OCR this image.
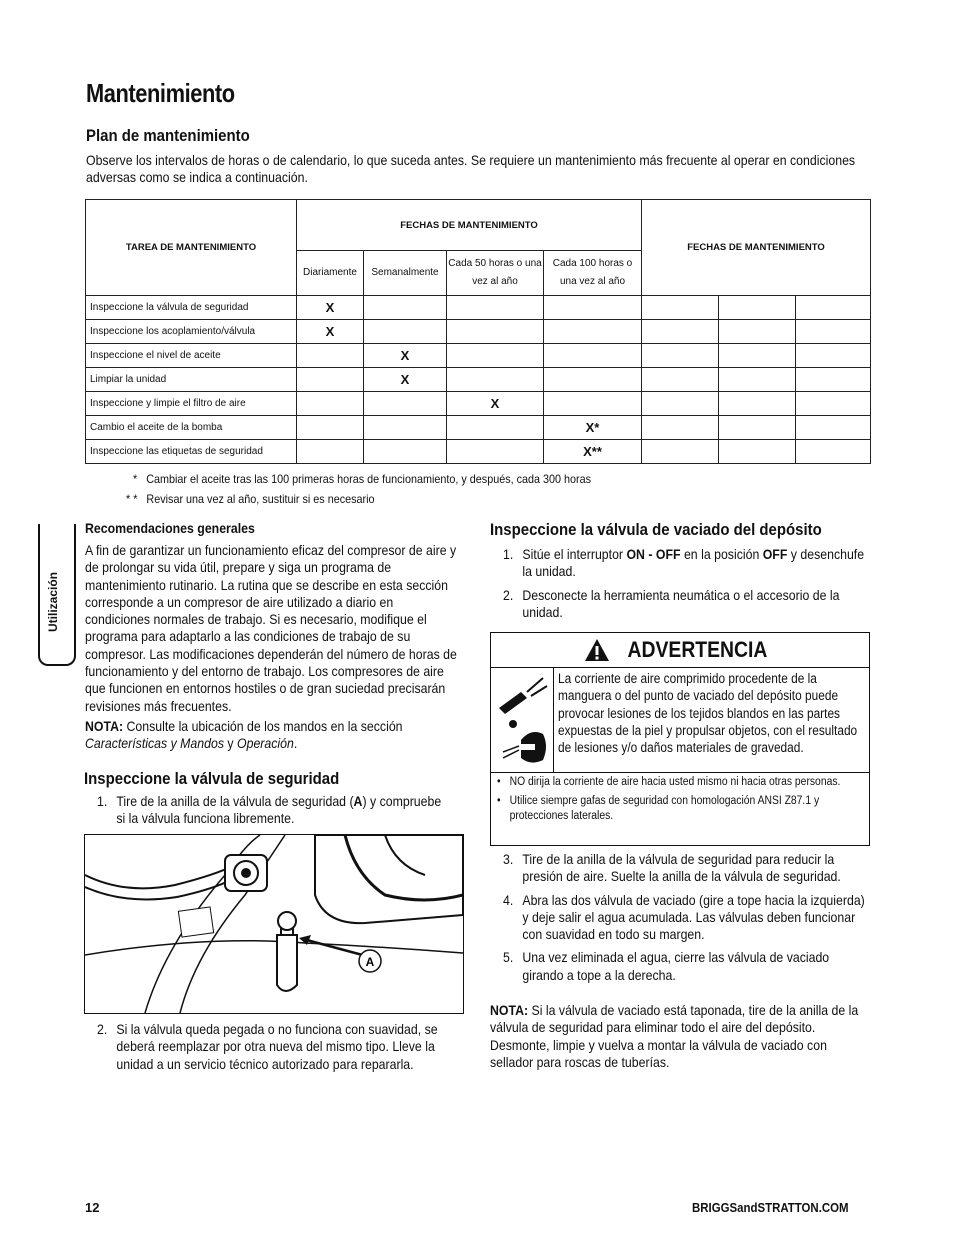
Mantenimiento
Plan de mantenimiento

Observe los intervalos de horas o de calendario, lo que suceda antes. Se requiere un mantenimiento más frecuente al operar en condiciones adversas como se indica a continuación.

TAREA DE MANTENIMIENTO	FECHAS DE MANTENIMIENTO				FECHAS DE MANTENIMIENTO		
	Diariamente	Semanalmente	Cada 50 horas o una vez al año	Cada 100 horas o una vez al año			
Inspeccione la válvula de seguridad	X						
Inspeccione los acoplamiento/válvula	X						
Inspeccione el nivel de aceite		X					
Limpiar la unidad		X					
Inspeccione y limpie el filtro de aire			X				
Cambio el aceite de la bomba				X*			
Inspeccione las etiquetas de seguridad				X**			
* Cambiar el aceite tras las 100 primeras horas de funcionamiento, y después, cada 300 horas
* * Revisar una vez al año, sustituir si es necesario
Utilización
Recomendaciones generales

A fin de garantizar un funcionamiento eficaz del compresor de aire y de prolongar su vida útil, prepare y siga un programa de mantenimiento rutinario. La rutina que se describe en esta sección corresponde a un compresor de aire utilizado a diario en condiciones normales de trabajo. Si es necesario, modifique el programa para adaptarlo a las condiciones de trabajo de su compresor. Las modificaciones dependerán del número de horas de funcionamiento y del entorno de trabajo. Los compresores de aire que funcionen en entornos hostiles o de gran suciedad precisarán revisiones más frecuentes.

NOTA: Consulte la ubicación de los mandos en la sección Características y Mandos y Operación.

Inspeccione la válvula de seguridad
1. Tire de la anilla de la válvula de seguridad (A) y compruebe si la válvula funciona libremente.
A
2. Si la válvula queda pegada o no funciona con suavidad, se deberá reemplazar por otra nueva del mismo tipo. Lleve la unidad a un servicio técnico autorizado para repararla.
Inspeccione la válvula de vaciado del depósito
1. Sitúe el interruptor ON - OFF en la posición OFF y desenchufe la unidad.
2. Desconecte la herramienta neumática o el accesorio de la unidad.
ADVERTENCIA
La corriente de aire comprimido procedente de la manguera o del punto de vaciado del depósito puede provocar lesiones de los tejidos blandos en las partes expuestas de la piel y propulsar objetos, con el resultado de lesiones y/o daños materiales de gravedad.
• NO dirija la corriente de aire hacia usted mismo ni hacia otras personas.
• Utilice siempre gafas de seguridad con homologación ANSI Z87.1 y protecciones laterales.
3. Tire de la anilla de la válvula de seguridad para reducir la presión de aire. Suelte la anilla de la válvula de seguridad.
4. Abra las dos válvula de vaciado (gire a tope hacia la izquierda) y deje salir el agua acumulada. Las válvulas deben funcionar con suavidad en todo su margen.
5. Una vez eliminada el agua, cierre las válvula de vaciado girando a tope a la derecha.

NOTA: Si la válvula de vaciado está taponada, tire de la anilla de la válvula de seguridad para eliminar todo el aire del depósito. Desmonte, limpie y vuelva a montar la válvula de vaciado con sellador para roscas de tuberías.

12	BRIGGSandSTRATTON.COM
